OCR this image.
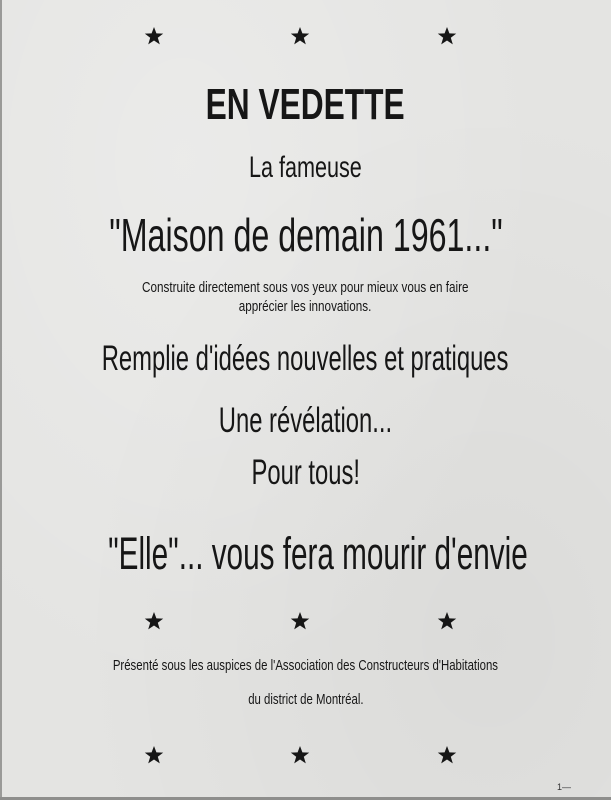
EN VEDETTE
La fameuse
"Maison de demain 1961..."
Construite directement sous vos yeux pour mieux vous en faire
apprécier les innovations.
Remplie d'idées nouvelles et pratiques
Une révélation...
Pour tous!
"Elle"... vous fera mourir d'envie
Présenté sous les auspices de l'Association des Constructeurs d'Habitations
du district de Montréal.
1—
